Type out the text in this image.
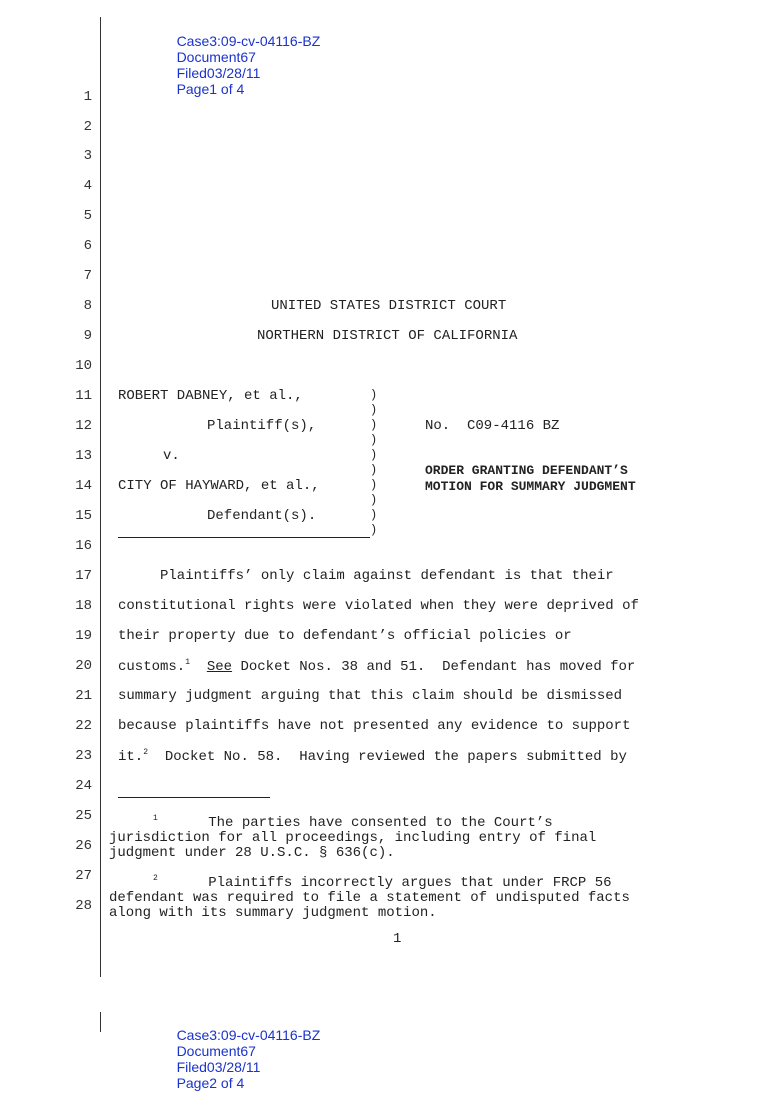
Case3:09-cv-04116-BZ
Document67
Filed03/28/11
Page1 of 4

1
2
3
4
5
6
7
8
9
10
11
12
13
14
15
16
17
18
19
20
21
22
23
24
25
26
27
28
UNITED STATES DISTRICT COURT
NORTHERN DISTRICT OF CALIFORNIA
ROBERT DABNEY, et al.,
Plaintiff(s),
v.
CITY OF HAYWARD, et al.,
Defendant(s).
)
)
)
)
)
)
)
)
)
)
No.  C09-4116 BZ
ORDER GRANTING DEFENDANT’S
MOTION FOR SUMMARY JUDGMENT
Plaintiffs’ only claim against defendant is that their
constitutional rights were violated when they were deprived of
their property due to defendant’s official policies or
customs.$^1$ See Docket Nos. 38 and 51.  Defendant has moved for
summary judgment arguing that this claim should be dismissed
because plaintiffs have not presented any evidence to support
it.$^2$  Docket No. 58.  Having reviewed the papers submitted by
$^1$	The parties have consented to the Court’s
jurisdiction for all proceedings, including entry of final
judgment under 28 U.S.C. § 636(c).
$^2$	Plaintiffs incorrectly argues that under FRCP 56
defendant was required to file a statement of undisputed facts
along with its summary judgment motion.
1

Case3:09-cv-04116-BZ
Document67
Filed03/28/11
Page2 of 4
